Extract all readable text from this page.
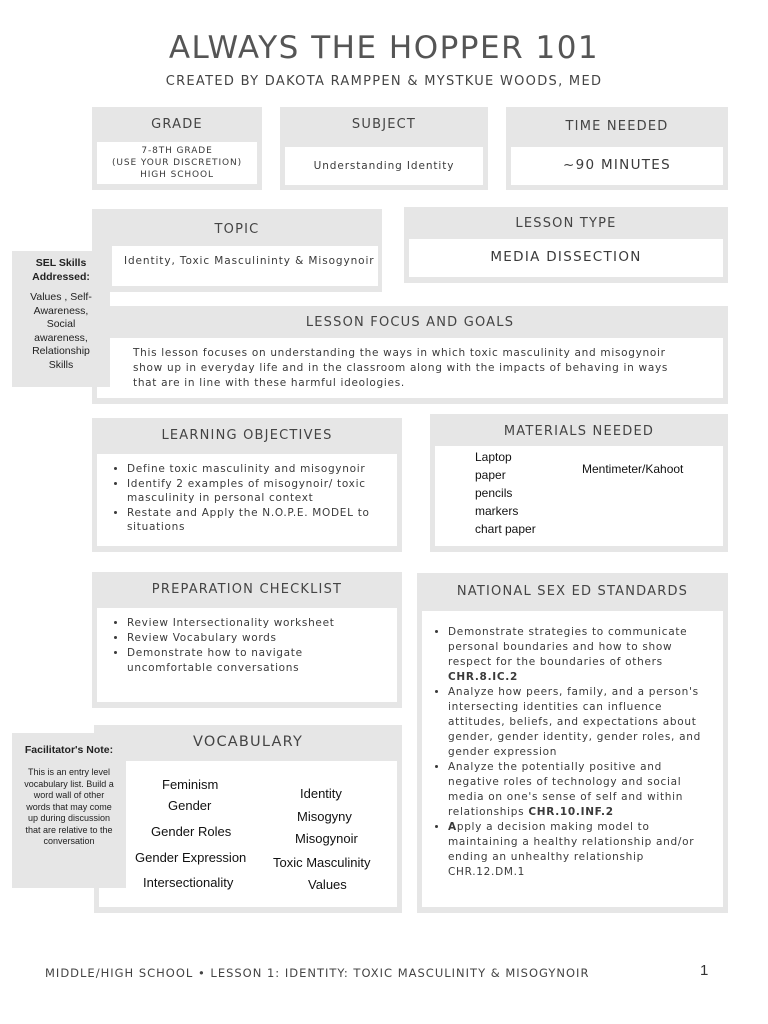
ALWAYS THE HOPPER 101
CREATED BY DAKOTA RAMPPEN & MYSTKUE WOODS, MED
GRADE
7-8TH GRADE
(USE YOUR DISCRETION)
HIGH SCHOOL
SUBJECT
Understanding Identity
TIME NEEDED
~90 MINUTES
TOPIC
Identity, Toxic Masculininty & Misogynoir
LESSON TYPE
MEDIA DISSECTION
LESSON FOCUS AND GOALS
This lesson focuses on understanding the ways in which toxic masculinity and misogynoir show up in everyday life and in the classroom along with the impacts of behaving in ways that are in line with these harmful ideologies.
SEL Skills Addressed:
Values , Self-Awareness, Social awareness, Relationship Skills
LEARNING OBJECTIVES
• Define toxic masculinity and misogynoir
• Identify 2 examples of misogynoir/ toxic masculinity in personal context
• Restate and Apply the N.O.P.E. MODEL to situations
MATERIALS NEEDED
Laptop
paper
pencils
markers
chart paper
Mentimeter/Kahoot
PREPARATION CHECKLIST
• Review Intersectionality worksheet
• Review Vocabulary words
• Demonstrate how to navigate uncomfortable conversations
NATIONAL SEX ED STANDARDS
• Demonstrate strategies to communicate personal boundaries and how to show respect for the boundaries of others CHR.8.IC.2
• Analyze how peers, family, and a person's intersecting identities can influence attitudes, beliefs, and expectations about gender, gender identity, gender roles, and gender expression
• Analyze the potentially positive and negative roles of technology and social media on one's sense of self and within relationships CHR.10.INF.2
• Apply a decision making model to maintaining a healthy relationship and/or ending an unhealthy relationship CHR.12.DM.1
VOCABULARY
Feminism
Gender
Gender Roles
Gender Expression
Intersectionality
Identity
Misogyny
Misogynoir
Toxic Masculinity
Values
Facilitator's Note:
This is an entry level vocabulary list. Build a word wall of other words that may come up during discussion that are relative to the conversation
MIDDLE/HIGH SCHOOL • LESSON 1: IDENTITY: TOXIC MASCULINITY & MISOGYNOIR	1
